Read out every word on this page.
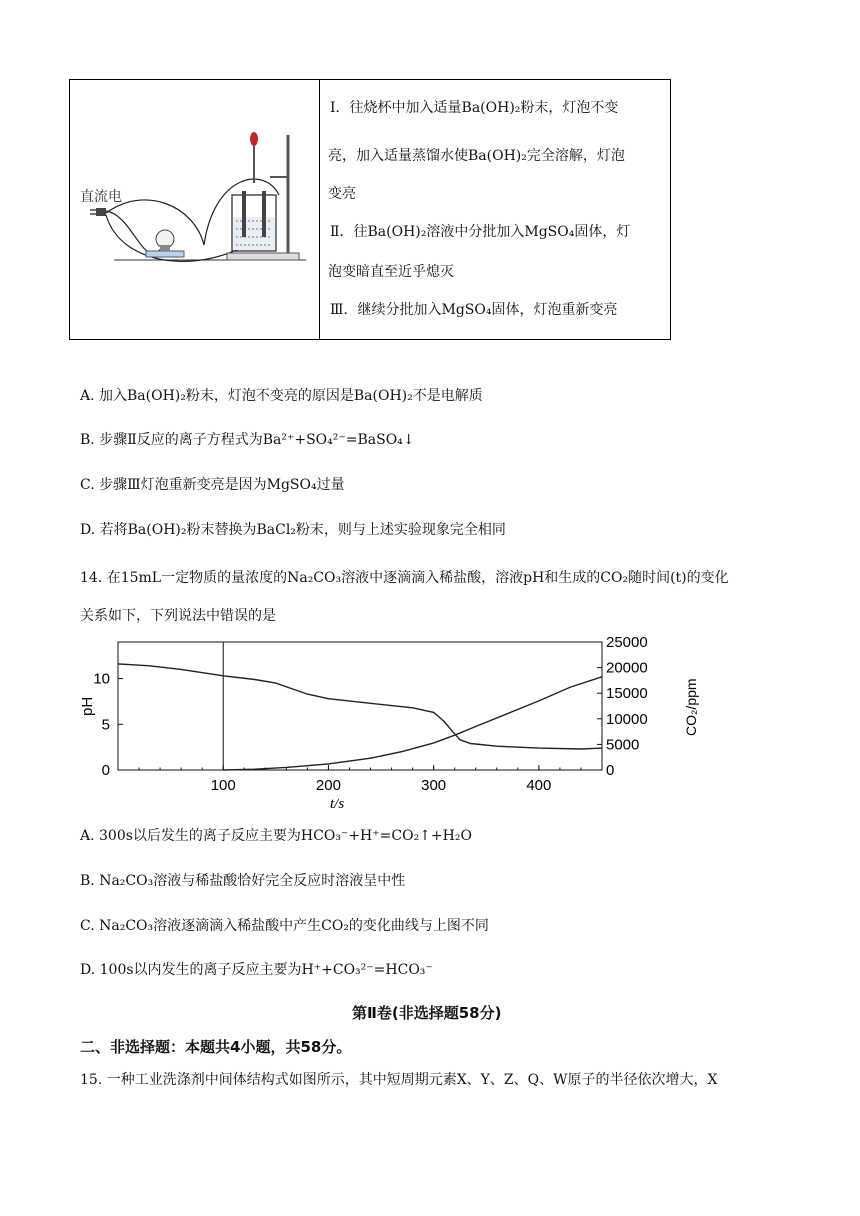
直流电
Ⅰ．往烧杯中加入适量Ba(OH)₂粉末，灯泡不变
亮，加入适量蒸馏水使Ba(OH)₂完全溶解，灯泡
变亮
Ⅱ．往Ba(OH)₂溶液中分批加入MgSO₄固体，灯
泡变暗直至近乎熄灭
Ⅲ．继续分批加入MgSO₄固体，灯泡重新变亮
A. 加入Ba(OH)₂粉末，灯泡不变亮的原因是Ba(OH)₂不是电解质
B. 步骤Ⅱ反应的离子方程式为Ba²⁺+SO₄²⁻=BaSO₄↓
C. 步骤Ⅲ灯泡重新变亮是因为MgSO₄过量
D. 若将Ba(OH)₂粉末替换为BaCl₂粉末，则与上述实验现象完全相同
14. 在15mL一定物质的量浓度的Na₂CO₃溶液中逐滴滴入稀盐酸，溶液pH和生成的CO₂随时间(t)的变化
关系如下，下列说法中错误的是
100	200	300	400
0
5
10
0
5000
10000
15000
20000
25000
t/s
pH	CO₂/ppm
A. 300s以后发生的离子反应主要为HCO₃⁻+H⁺=CO₂↑+H₂O
B. Na₂CO₃溶液与稀盐酸恰好完全反应时溶液呈中性
C. Na₂CO₃溶液逐滴滴入稀盐酸中产生CO₂的变化曲线与上图不同
D. 100s以内发生的离子反应主要为H⁺+CO₃²⁻=HCO₃⁻
第Ⅱ卷(非选择题58分)
二、非选择题：本题共4小题，共58分。
15. 一种工业洗涤剂中间体结构式如图所示，其中短周期元素X、Y、Z、Q、W原子的半径依次增大，X
